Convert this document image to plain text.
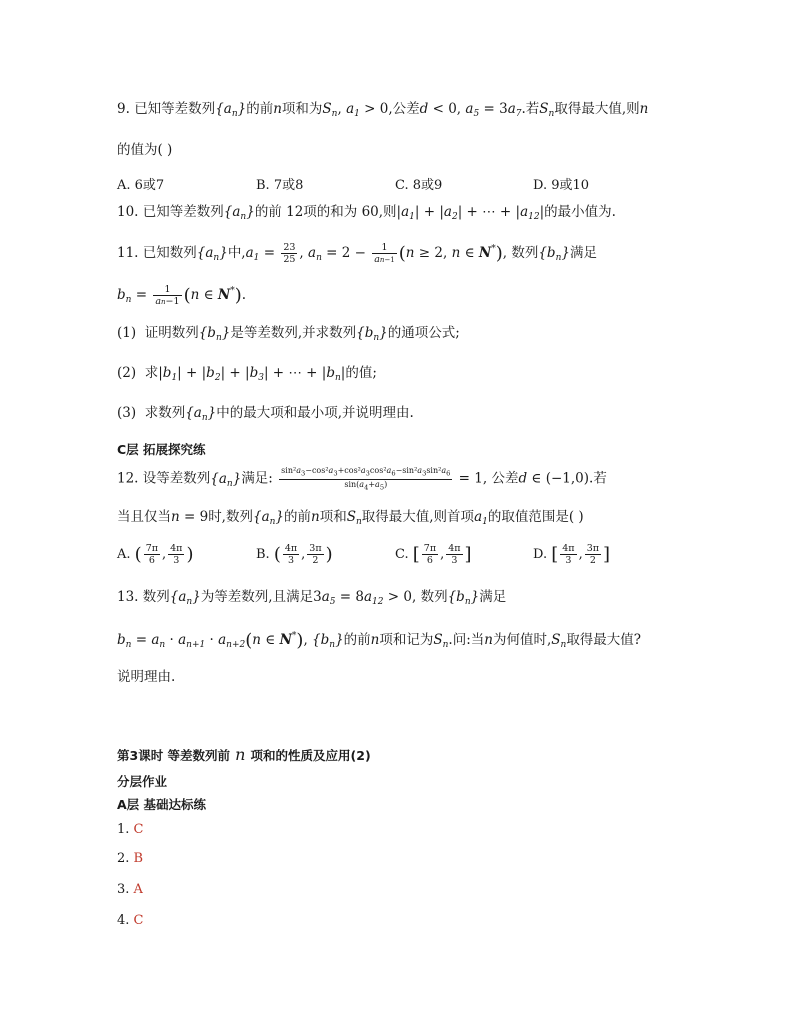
9. 已知等差数列$\{a_n\}$的前n项和为$S_n$, $a_1 > 0$,公差d < 0, $a_5 = 3a_7$.若$S_n$取得最大值,则n
的值为( )
A. 6或7	B. 7或8	C. 8或9	D. 9或10
10. 已知等差数列$\{a_n\}$的前 12项的和为 60,则$|a_1| + |a_2|$ + ⋯ + $|a_{12}|$的最小值为.
11. 已知数列$\{a_n\}$中$,a_1 = \frac{23}{25}$ , $a_n = 2 - \frac{1}{an-1} (n \ge 2$, n ∈ N*), 数列$\{b_n\}$满足
$b_n = \frac{1}{an-1} (n$ ∈ N*).
(1) 证明数列$\{b_n\}$是等差数列,并求数列$\{b_n\}$的通项公式;
(2) 求$|b_1| + |b_2| + |b_3|$ + ⋯ + $|b_n|$的值;
(3) 求数列$\{a_n\}$中的最大项和最小项,并说明理由.
C层 拓展探究练
12. 设等差数列$\{a_n\}$满足: $\frac{\sin^2a_3-\cos^2a_3+\cos^2a_3\cos^2a_6-\sin^2a_3\sin^2a_6}{\sin(a_4+a_5)} = 1$, 公差d ∈ (−1,0).若
当且仅当n = 9时,数列$\{a_n\}$的前n项和$S_n$取得最大值,则首项$a_1$的取值范围是( )
A. ( $\frac{7\pi}{6}$ , $\frac{4\pi}{3}$ )	B. ( $\frac{4\pi}{3}$ , $\frac{3\pi}{2}$ )	C. [ $\frac{7\pi}{6}$ , $\frac{4\pi}{3}$ ]	D. [ $\frac{4\pi}{3}$ , $\frac{3\pi}{2}$ ]
13. 数列$\{a_n\}$为等差数列,且满足$3a_5 = 8a_{12} > 0$, 数列$\{b_n\}$满足
$b_n = a_n \cdot a_{n+1} \cdot a_{n+2}(n$ ∈ N*), $\{b_n\}$的前n项和记为$S_n$.问:当n为何值时$,S_n$取得最大值?
说明理由.
第3课时 等差数列前 n 项和的性质及应用(2)
分层作业
A层 基础达标练
1. C
2. B
3. A
4. C
